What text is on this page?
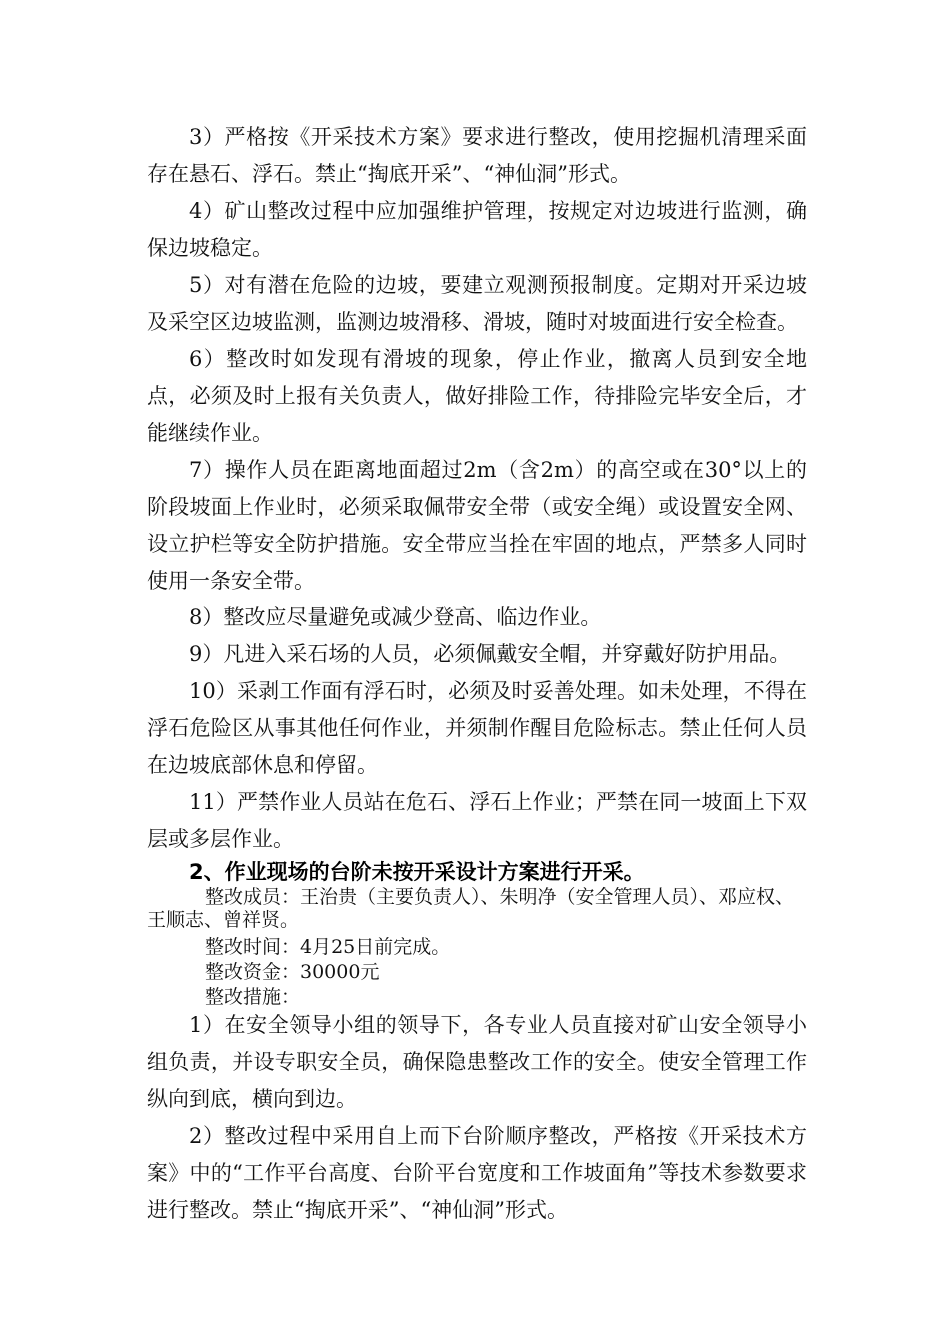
3）严格按《开采技术方案》要求进行整改，使用挖掘机清理采面存在悬石、浮石。禁止“掏底开采”、“神仙洞”形式。

4）矿山整改过程中应加强维护管理，按规定对边坡进行监测，确保边坡稳定。

5）对有潜在危险的边坡，要建立观测预报制度。定期对开采边坡及采空区边坡监测，监测边坡滑移、滑坡，随时对坡面进行安全检查。

6）整改时如发现有滑坡的现象，停止作业，撤离人员到安全地点，必须及时上报有关负责人，做好排险工作，待排险完毕安全后，才能继续作业。

7）操作人员在距离地面超过2m（含2m）的高空或在30°以上的阶段坡面上作业时，必须采取佩带安全带（或安全绳）或设置安全网、设立护栏等安全防护措施。安全带应当拴在牢固的地点，严禁多人同时使用一条安全带。

8）整改应尽量避免或减少登高、临边作业。

9）凡进入采石场的人员，必须佩戴安全帽，并穿戴好防护用品。

10）采剥工作面有浮石时，必须及时妥善处理。如未处理，不得在浮石危险区从事其他任何作业，并须制作醒目危险标志。禁止任何人员在边坡底部休息和停留。

11）严禁作业人员站在危石、浮石上作业；严禁在同一坡面上下双层或多层作业。

2、作业现场的台阶未按开采设计方案进行开采。

整改成员：王治贵（主要负责人）、朱明净（安全管理人员）、邓应权、王顺志、曾祥贤。

整改时间：4月25日前完成。

整改资金：30000元

整改措施：

1）在安全领导小组的领导下，各专业人员直接对矿山安全领导小组负责，并设专职安全员，确保隐患整改工作的安全。使安全管理工作纵向到底，横向到边。

2）整改过程中采用自上而下台阶顺序整改，严格按《开采技术方案》中的“工作平台高度、台阶平台宽度和工作坡面角”等技术参数要求进行整改。禁止“掏底开采”、“神仙洞”形式。
